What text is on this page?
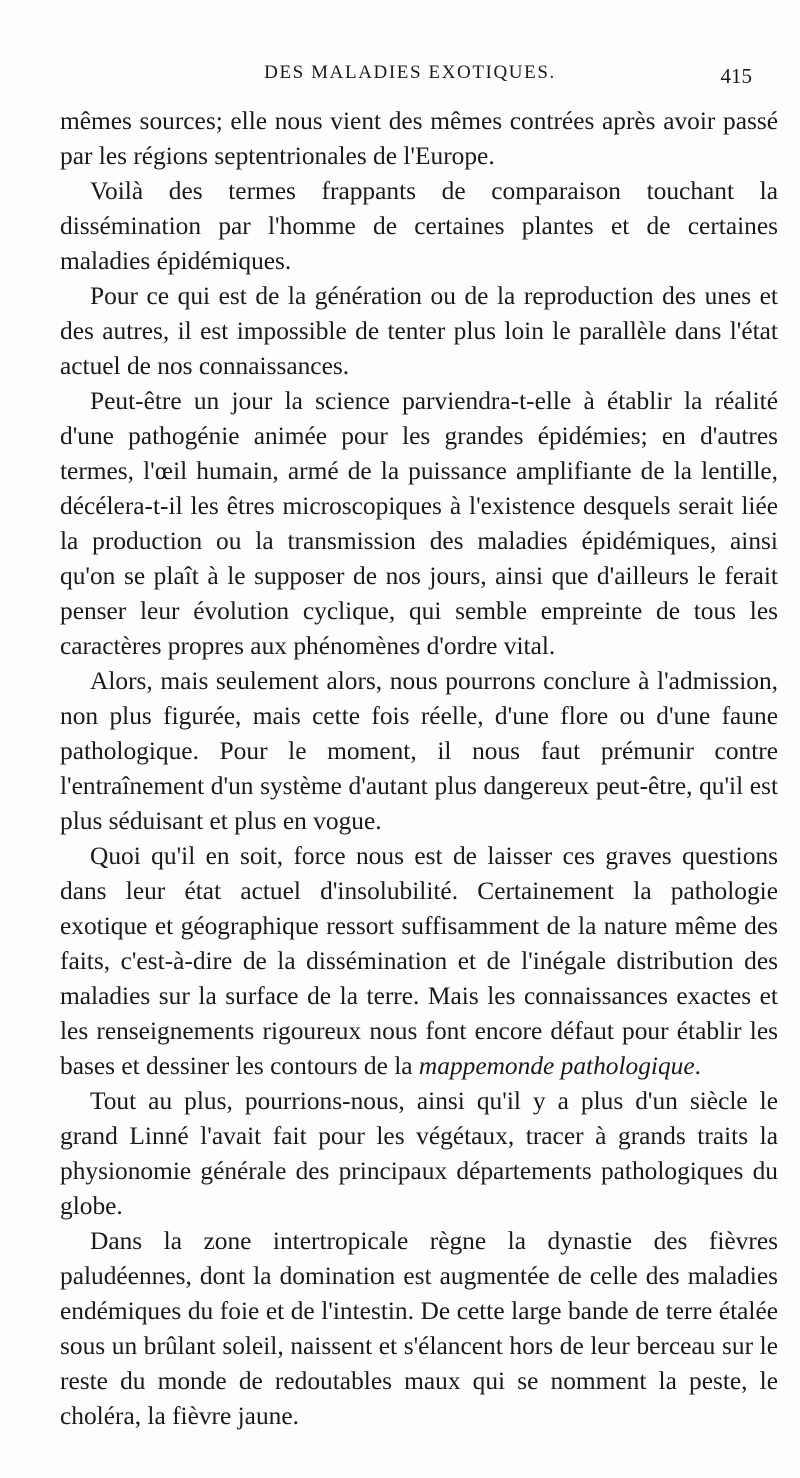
DES MALADIES EXOTIQUES.	415

mêmes sources; elle nous vient des mêmes contrées après avoir passé par les régions septentrionales de l'Europe.

Voilà des termes frappants de comparaison touchant la dissémination par l'homme de certaines plantes et de certaines maladies épidémiques.

Pour ce qui est de la génération ou de la reproduction des unes et des autres, il est impossible de tenter plus loin le parallèle dans l'état actuel de nos connaissances.

Peut-être un jour la science parviendra-t-elle à établir la réalité d'une pathogénie animée pour les grandes épidémies; en d'autres termes, l'œil humain, armé de la puissance amplifiante de la lentille, décélera-t-il les êtres microscopiques à l'existence desquels serait liée la production ou la transmission des maladies épidémiques, ainsi qu'on se plaît à le supposer de nos jours, ainsi que d'ailleurs le ferait penser leur évolution cyclique, qui semble empreinte de tous les caractères propres aux phénomènes d'ordre vital.

Alors, mais seulement alors, nous pourrons conclure à l'admission, non plus figurée, mais cette fois réelle, d'une flore ou d'une faune pathologique. Pour le moment, il nous faut prémunir contre l'entraînement d'un système d'autant plus dangereux peut-être, qu'il est plus séduisant et plus en vogue.

Quoi qu'il en soit, force nous est de laisser ces graves questions dans leur état actuel d'insolubilité. Certainement la pathologie exotique et géographique ressort suffisamment de la nature même des faits, c'est-à-dire de la dissémination et de l'inégale distribution des maladies sur la surface de la terre. Mais les connaissances exactes et les renseignements rigoureux nous font encore défaut pour établir les bases et dessiner les contours de la mappemonde pathologique.

Tout au plus, pourrions-nous, ainsi qu'il y a plus d'un siècle le grand Linné l'avait fait pour les végétaux, tracer à grands traits la physionomie générale des principaux départements pathologiques du globe.

Dans la zone intertropicale règne la dynastie des fièvres paludéennes, dont la domination est augmentée de celle des maladies endémiques du foie et de l'intestin. De cette large bande de terre étalée sous un brûlant soleil, naissent et s'élancent hors de leur berceau sur le reste du monde de redoutables maux qui se nomment la peste, le choléra, la fièvre jaune.
